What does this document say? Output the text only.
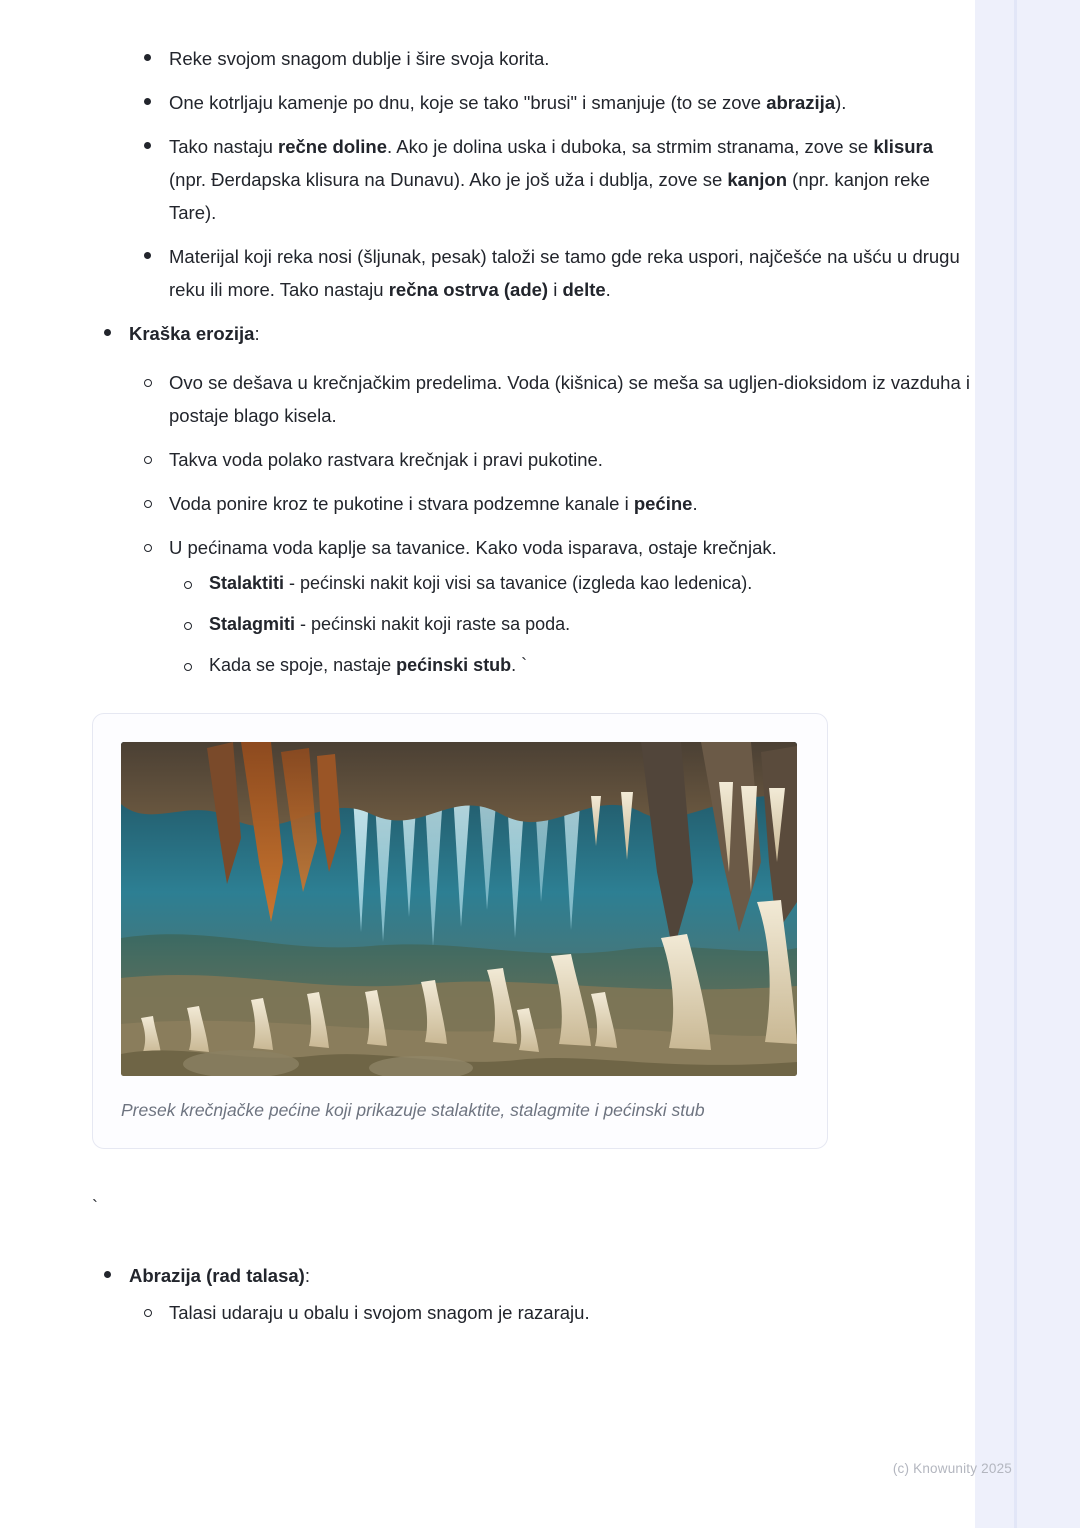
Reke svojom snagom dublje i šire svoja korita.
One kotrljaju kamenje po dnu, koje se tako "brusi" i smanjuje (to se zove abrazija).
Tako nastaju rečne doline. Ako je dolina uska i duboka, sa strmim stranama, zove se klisura (npr. Đerdapska klisura na Dunavu). Ako je još uža i dublja, zove se kanjon (npr. kanjon reke Tare).
Materijal koji reka nosi (šljunak, pesak) taloži se tamo gde reka uspori, najčešće na ušću u drugu reku ili more. Tako nastaju rečna ostrva (ade) i delte.
Kraška erozija:
Ovo se dešava u krečnjačkim predelima. Voda (kišnica) se meša sa ugljen-dioksidom iz vazduha i postaje blago kisela.
Takva voda polako rastvara krečnjak i pravi pukotine.
Voda ponire kroz te pukotine i stvara podzemne kanale i pećine.
U pećinama voda kaplje sa tavanice. Kako voda isparava, ostaje krečnjak.
Stalaktiti - pećinski nakit koji visi sa tavanice (izgleda kao ledenica).
Stalagmiti - pećinski nakit koji raste sa poda.
Kada se spoje, nastaje pećinski stub. `
Presek krečnjačke pećine koji prikazuje stalaktite, stalagmite i pećinski stub
`
Abrazija (rad talasa):
Talasi udaraju u obalu i svojom snagom je razaraju.
(c) Knowunity 2025
